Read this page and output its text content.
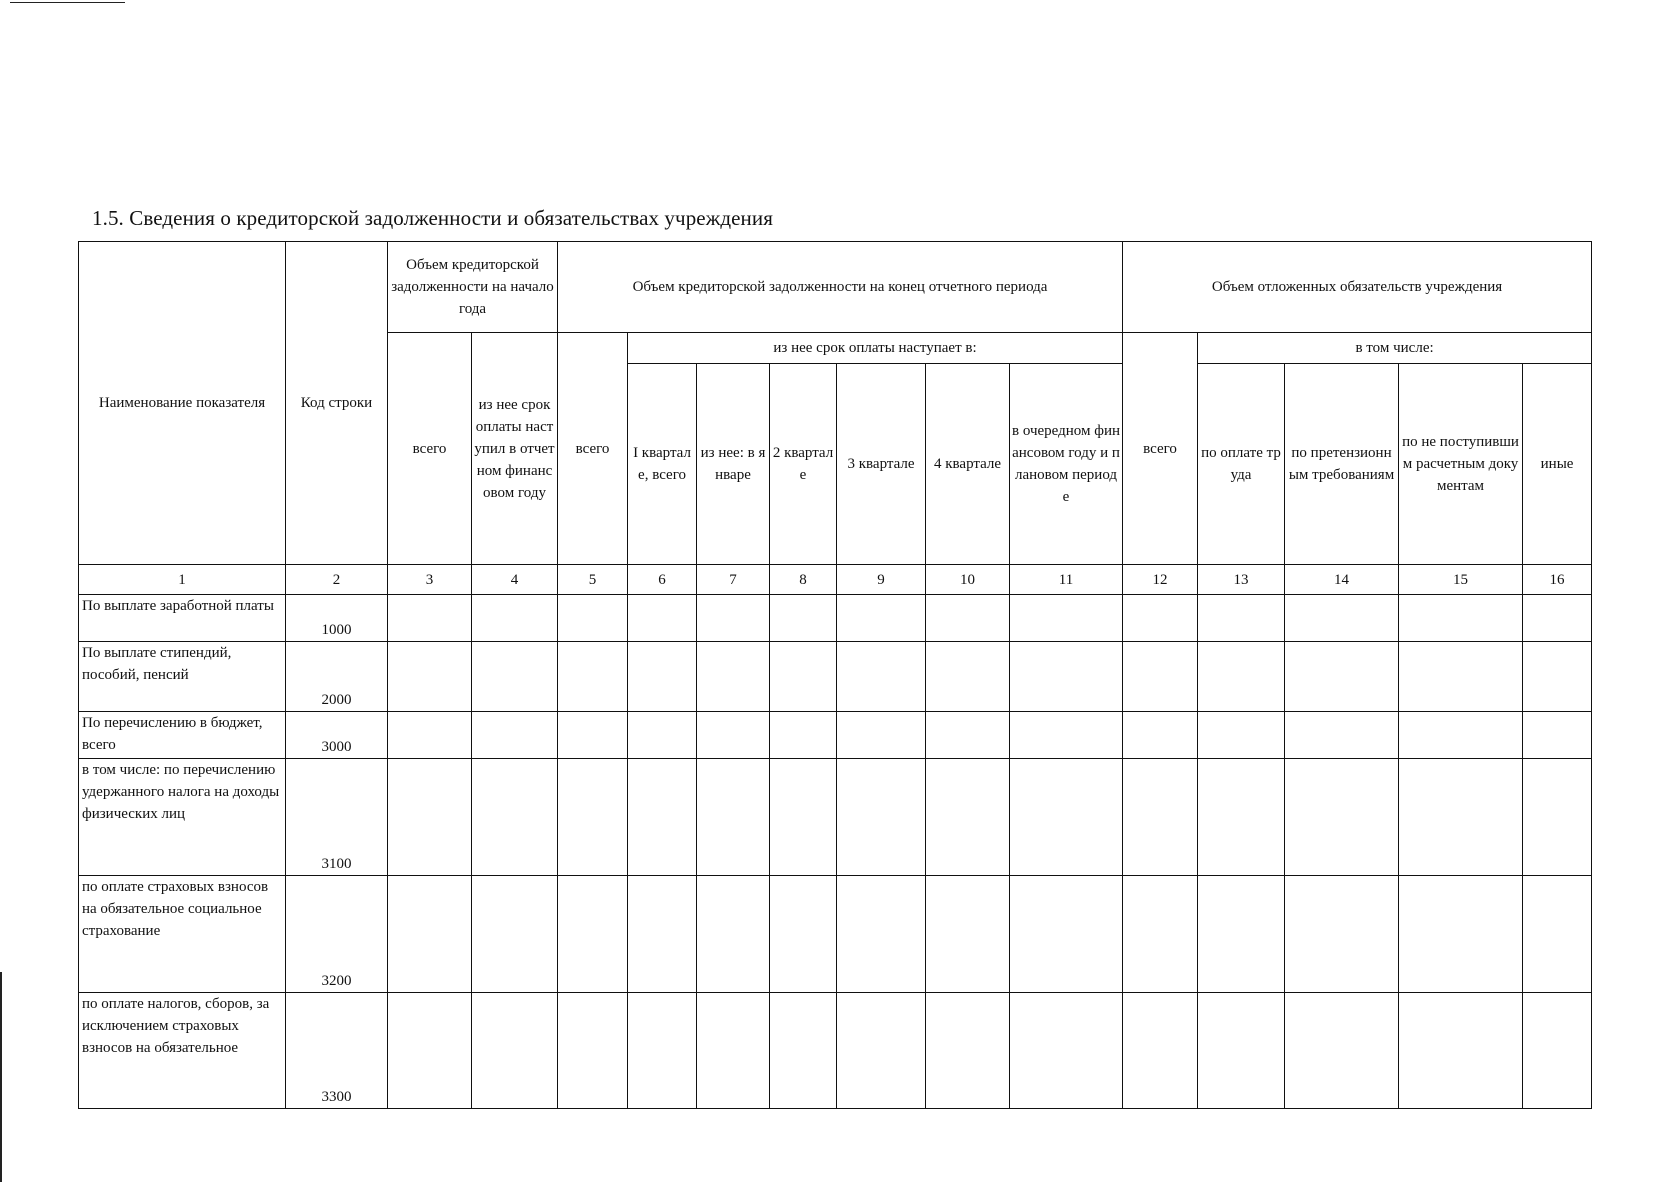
1.5. Сведения о кредиторской задолженности и обязательствах учреждения
Наименование показателя	Код строки	Объем кредиторской задолженности на начало года		Объем кредиторской задолженности на конец отчетного периода							Объем отложенных обязательств учреждения				
		всего	из нее срок оплаты наступил в отчетном финансовом году	всего	из нее срок оплаты наступает в:						всего	в том числе:			
					I квартале, всего	из нее: в январе	2 квартале	3 квартале	4 квартале	в очередном финансовом году и плановом периоде		по оплате труда	по претензионным требованиям	по не поступившим расчетным документам	иные
1	2	3	4	5	6	7	8	9	10	11	12	13	14	15	16
По выплате заработной платы	1000														
По выплате стипендий, пособий, пенсий	2000														
По перечислению в бюджет, всего	3000														
в том числе: по перечислению удержанного налога на доходы физических лиц	3100														
по оплате страховых взносов на обязательное социальное страхование	3200														
по оплате налогов, сборов, за исключением страховых взносов на обязательное	3300														
